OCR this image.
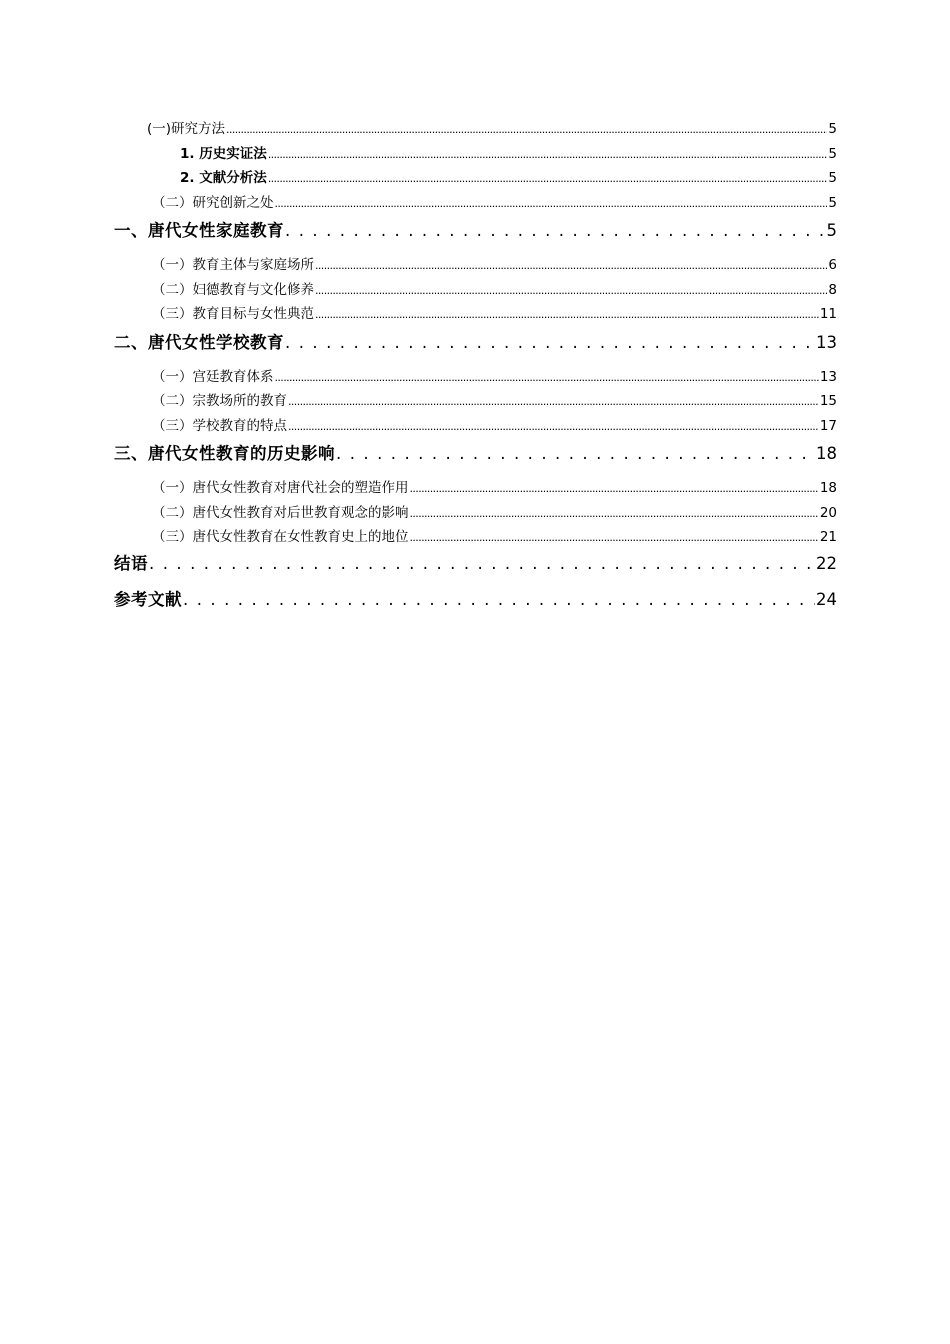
(一)研究方法 .....	5
1. 历史实证法 .....	5
2. 文献分析法 .....	5
（二）研究创新之处 .....	5
一、唐代女性家庭教育 . . .	5
（一）教育主体与家庭场所 .....	6
（二）妇德教育与文化修养 .....	8
（三）教育目标与女性典范 .....	11
二、唐代女性学校教育 . . .	13
（一）宫廷教育体系 .....	13
（二）宗教场所的教育 .....	15
（三）学校教育的特点 .....	17
三、唐代女性教育的历史影响 . . .	18
（一）唐代女性教育对唐代社会的塑造作用 .....	18
（二）唐代女性教育对后世教育观念的影响 .....	20
（三）唐代女性教育在女性教育史上的地位 .....	21
结语 . . .	22
参考文献 . . .	24
